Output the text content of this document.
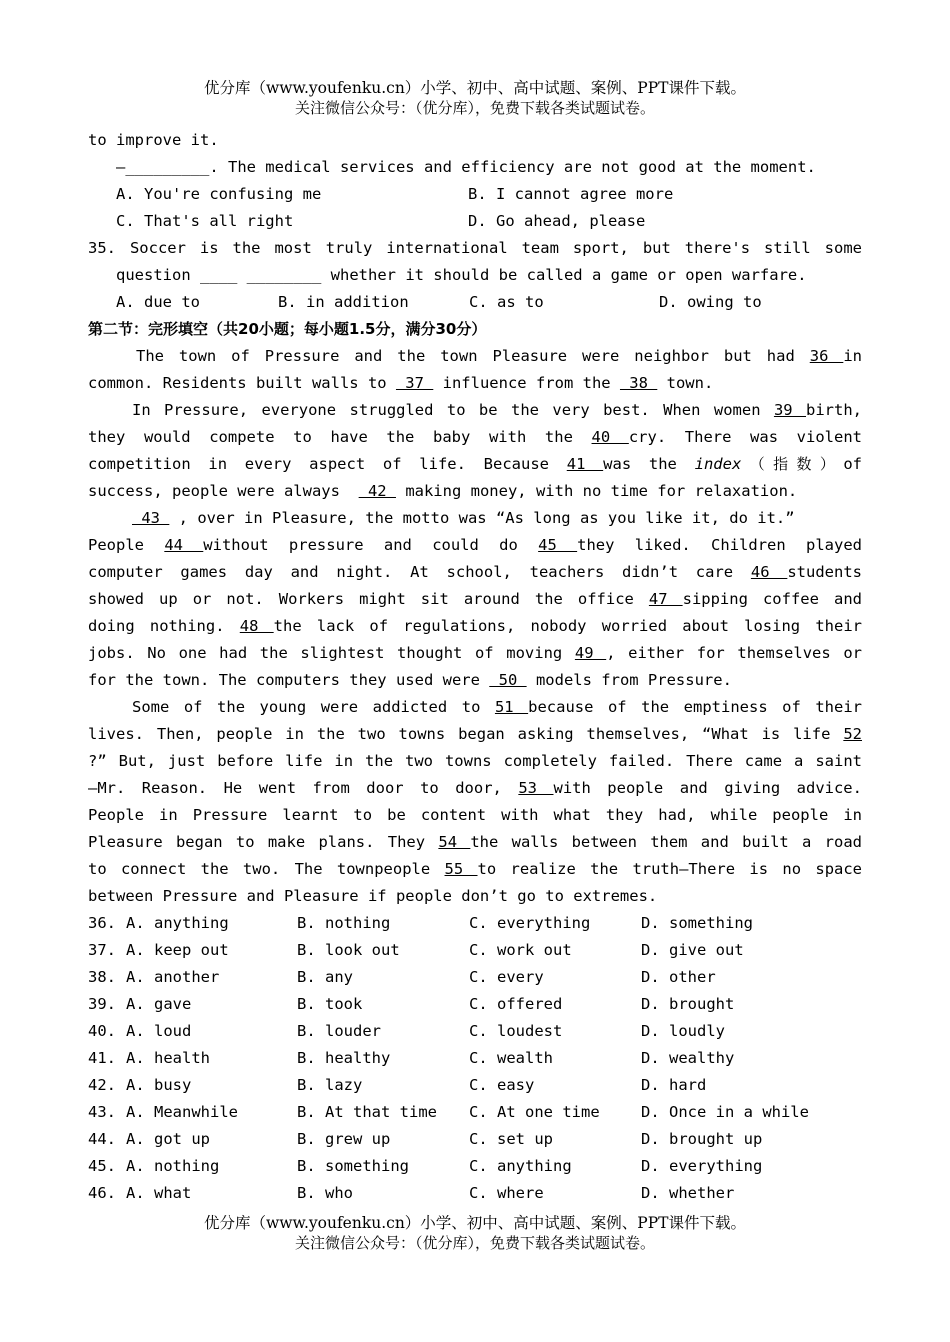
优分库（www.youfenku.cn）小学、初中、高中试题、案例、PPT课件下载。
关注微信公众号：（优分库），免费下载各类试题试卷。
to improve it.
—_________. The medical services and efficiency are not good at the moment.
A. You're confusing me	B. I cannot agree more
C. That's all right	D. Go ahead, please
35. Soccer is the most truly international team sport, but there's still some
question ____ ________ whether it should be called a game or open warfare.
A. due to	B. in addition	C. as to	D. owing to
第二节：完形填空（共20小题；每小题1.5分，满分30分）
The town of Pressure and the town Pleasure were neighbor but had 36 in
common. Residents built walls to  37  influence from the  38  town.
In Pressure, everyone struggled to be the very best. When women 39 birth,
they would compete to have the baby with the 40 cry. There was violent
competition in every aspect of life. Because 41 was the index（指数）of
success, people were always   42  making money, with no time for relaxation.
43  , over in Pleasure, the motto was “As long as you like it, do it.”
People 44 without pressure and could do 45 they liked. Children played
computer games day and night. At school, teachers didn’t care 46 students
showed up or not. Workers might sit around the office 47 sipping coffee and
doing nothing. 48 the lack of regulations, nobody worried about losing their
jobs. No one had the slightest thought of moving 49 , either for themselves or
for the town. The computers they used were  50  models from Pressure.
Some of the young were addicted to 51 because of the emptiness of their
lives. Then, people in the two towns began asking themselves, “What is life 52
?” But, just before life in the two towns completely failed. There came a saint
—Mr. Reason. He went from door to door, 53 with people and giving advice.
People in Pressure learnt to be content with what they had, while people in
Pleasure began to make plans. They 54 the walls between them and built a road
to connect the two. The townpeople 55 to realize the truth—There is no space
between Pressure and Pleasure if people don’t go to extremes.
36. A. anything	B. nothing	C. everything	D. something
37. A. keep out	B. look out	C. work out	D. give out
38. A. another	B. any	C. every	D. other
39. A. gave	B. took	C. offered	D. brought
40. A. loud	B. louder	C. loudest	D. loudly
41. A. health	B. healthy	C. wealth	D. wealthy
42. A. busy	B. lazy	C. easy	D. hard
43. A. Meanwhile	B. At that time	C. At one time	D. Once in a while
44. A. got up	B. grew up	C. set up	D. brought up
45. A. nothing	B. something	C. anything	D. everything
46. A. what	B. who	C. where	D. whether
优分库（www.youfenku.cn）小学、初中、高中试题、案例、PPT课件下载。
关注微信公众号：（优分库），免费下载各类试题试卷。
